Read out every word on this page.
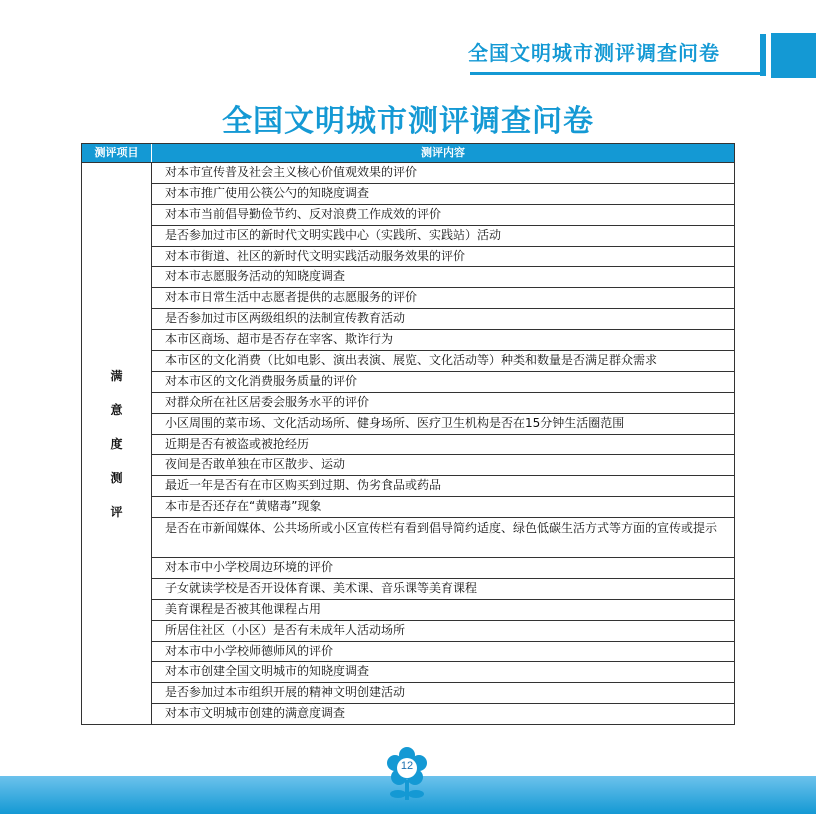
全国文明城市测评调查问卷
全国文明城市测评调查问卷
测评项目	测评内容
满
意
度
测
评
对本市宣传普及社会主义核心价值观效果的评价
对本市推广使用公筷公勺的知晓度调查
对本市当前倡导勤俭节约、反对浪费工作成效的评价
是否参加过市区的新时代文明实践中心（实践所、实践站）活动
对本市街道、社区的新时代文明实践活动服务效果的评价
对本市志愿服务活动的知晓度调查
对本市日常生活中志愿者提供的志愿服务的评价
是否参加过市区两级组织的法制宣传教育活动
本市区商场、超市是否存在宰客、欺诈行为
本市区的文化消费（比如电影、演出表演、展览、文化活动等）种类和数量是否满足群众需求
对本市区的文化消费服务质量的评价
对群众所在社区居委会服务水平的评价
小区周围的菜市场、文化活动场所、健身场所、医疗卫生机构是否在15分钟生活圈范围
近期是否有被盗或被抢经历
夜间是否敢单独在市区散步、运动
最近一年是否有在市区购买到过期、伪劣食品或药品
本市是否还存在“黄赌毒”现象
是否在市新闻媒体、公共场所或小区宣传栏有看到倡导简约适度、绿色低碳生活方式等方面的宣传或提示
对本市中小学校周边环境的评价
子女就读学校是否开设体育课、美术课、音乐课等美育课程
美育课程是否被其他课程占用
所居住社区（小区）是否有未成年人活动场所
对本市中小学校师德师风的评价
对本市创建全国文明城市的知晓度调查
是否参加过本市组织开展的精神文明创建活动
对本市文明城市创建的满意度调查
12
